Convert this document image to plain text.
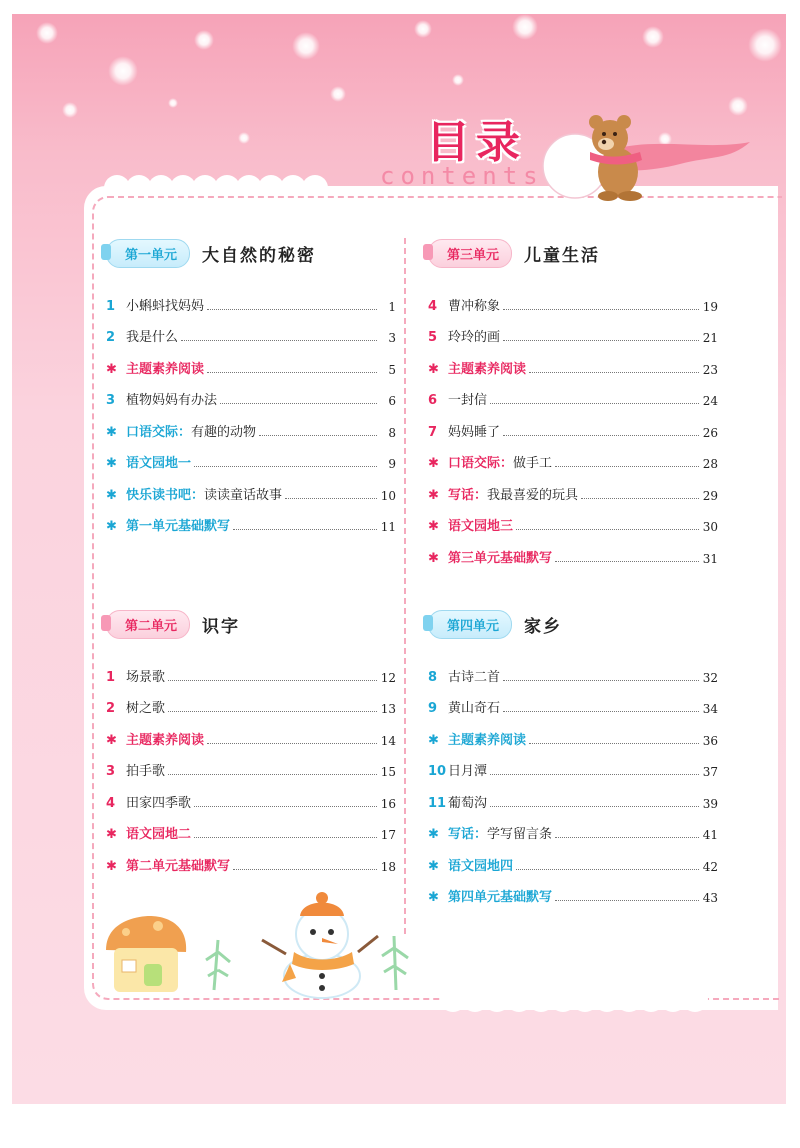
目录
contents
第一单元	大自然的秘密
1 小蝌蚪找妈妈	1
2 我是什么	3
✱ 主题素养阅读	5
3 植物妈妈有办法	6
✱ 口语交际：有趣的动物	8
✱ 语文园地一	9
✱ 快乐读书吧：读读童话故事	10
✱ 第一单元基础默写	11
第二单元	识字
1 场景歌	12
2 树之歌	13
✱ 主题素养阅读	14
3 拍手歌	15
4 田家四季歌	16
✱ 语文园地二	17
✱ 第二单元基础默写	18
第三单元	儿童生活
4 曹冲称象	19
5 玲玲的画	21
✱ 主题素养阅读	23
6 一封信	24
7 妈妈睡了	26
✱ 口语交际：做手工	28
✱ 写话：我最喜爱的玩具	29
✱ 语文园地三	30
✱ 第三单元基础默写	31
第四单元	家乡
8 古诗二首	32
9 黄山奇石	34
✱ 主题素养阅读	36
10 日月潭	37
11 葡萄沟	39
✱ 写话：学写留言条	41
✱ 语文园地四	42
✱ 第四单元基础默写	43
